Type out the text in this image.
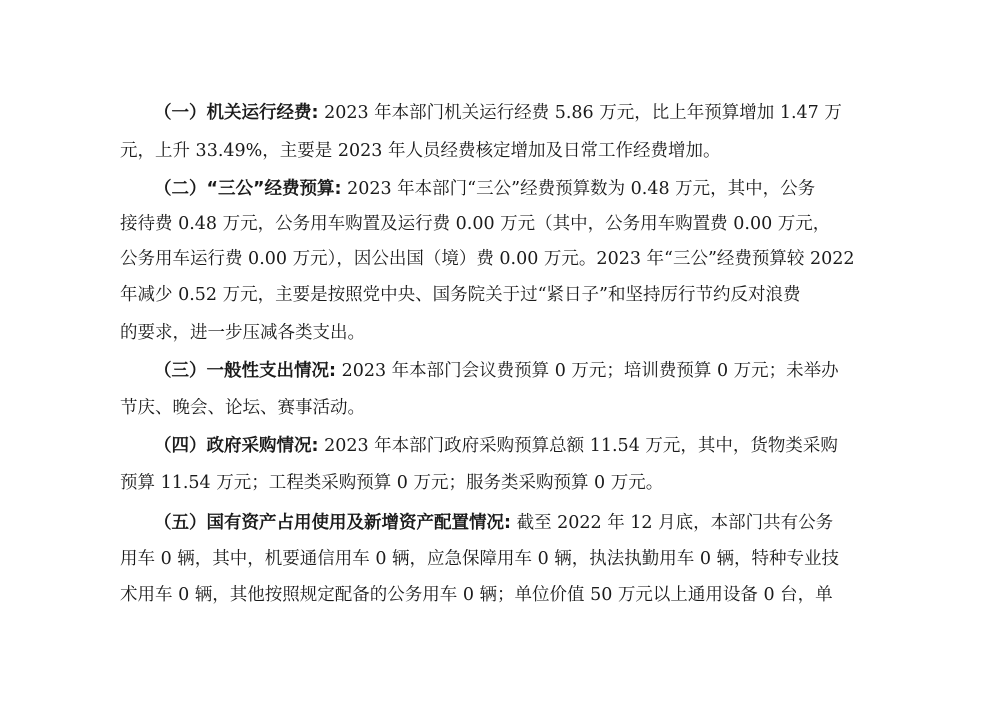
（一）机关运行经费: 2023 年本部门机关运行经费 5.86 万元，比上年预算增加 1.47 万
元，上升 33.49%，主要是 2023 年人员经费核定增加及日常工作经费增加。
（二）“三公”经费预算: 2023 年本部门“三公”经费预算数为 0.48 万元，其中，公务
接待费 0.48 万元，公务用车购置及运行费 0.00 万元（其中，公务用车购置费 0.00 万元，
公务用车运行费 0.00 万元），因公出国（境）费 0.00 万元。2023 年“三公”经费预算较 2022
年减少 0.52 万元，主要是按照党中央、国务院关于过“紧日子”和坚持厉行节约反对浪费
的要求，进一步压减各类支出。
（三）一般性支出情况: 2023 年本部门会议费预算 0 万元；培训费预算 0 万元；未举办
节庆、晚会、论坛、赛事活动。
（四）政府采购情况: 2023 年本部门政府采购预算总额 11.54 万元，其中，货物类采购
预算 11.54 万元；工程类采购预算 0 万元；服务类采购预算 0 万元。
（五）国有资产占用使用及新增资产配置情况: 截至 2022 年 12 月底，本部门共有公务
用车 0 辆，其中，机要通信用车 0 辆，应急保障用车 0 辆，执法执勤用车 0 辆，特种专业技
术用车 0 辆，其他按照规定配备的公务用车 0 辆；单位价值 50 万元以上通用设备 0 台，单
